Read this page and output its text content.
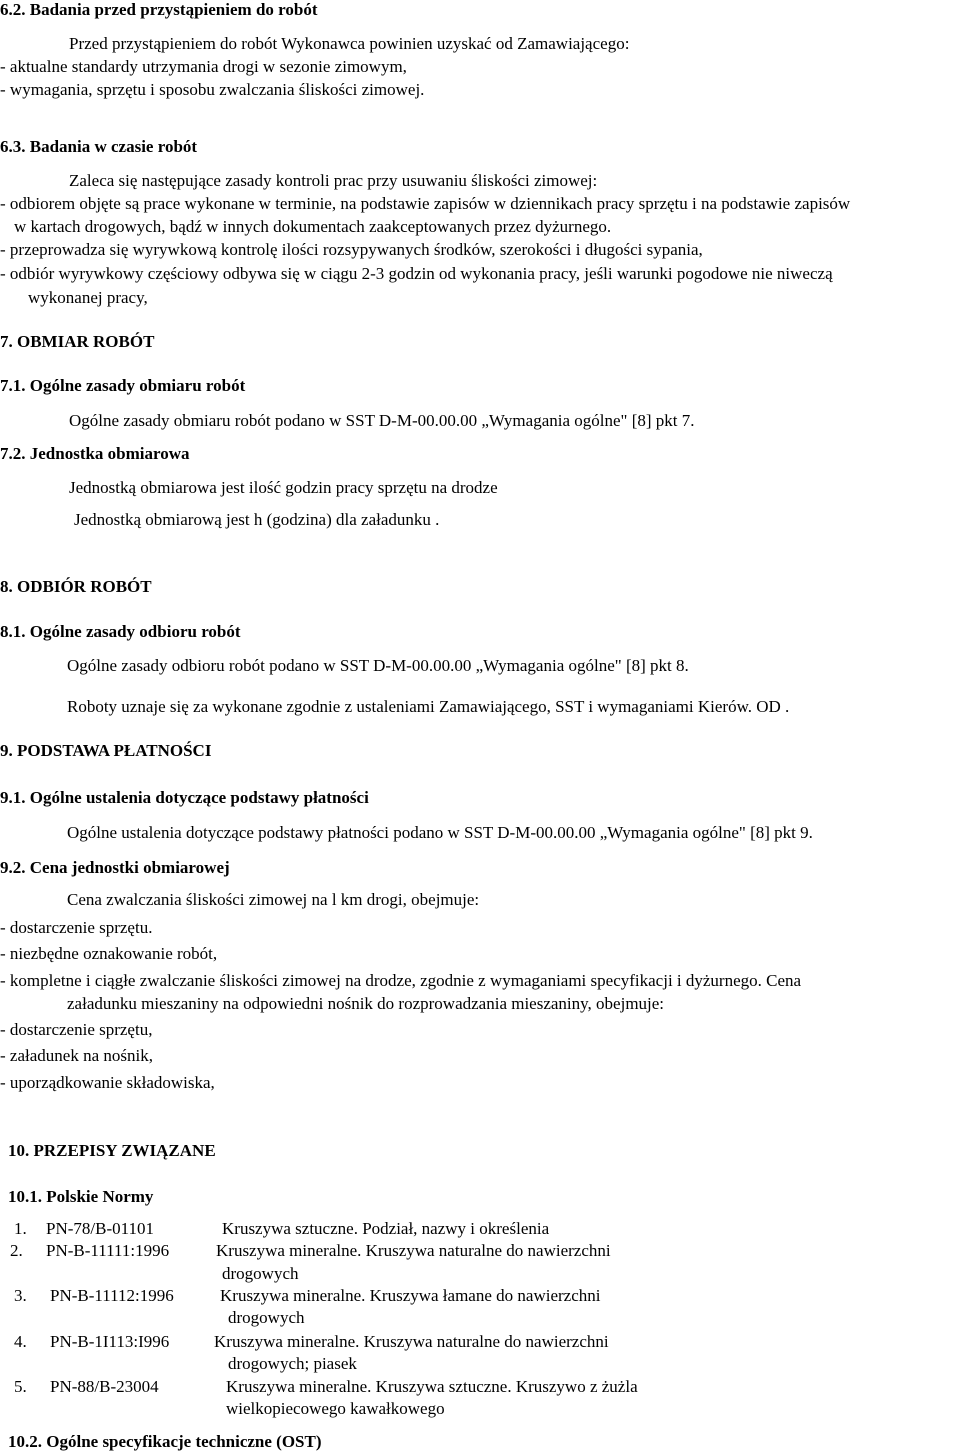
6.2. Badania przed przystąpieniem do robót
Przed przystąpieniem do robót Wykonawca powinien uzyskać od Zamawiającego:
- aktualne standardy utrzymania drogi w sezonie zimowym,
- wymagania, sprzętu i sposobu zwalczania śliskości zimowej.
6.3. Badania w czasie robót
Zaleca się następujące zasady kontroli prac przy usuwaniu śliskości zimowej:
- odbiorem objęte są prace wykonane w terminie, na podstawie zapisów w dziennikach pracy sprzętu i na podstawie zapisów
w kartach drogowych, bądź w innych dokumentach zaakceptowanych przez dyżurnego.
- przeprowadza się wyrywkową kontrolę ilości rozsypywanych środków, szerokości i długości sypania,
- odbiór wyrywkowy częściowy odbywa się w ciągu 2-3 godzin od wykonania pracy, jeśli warunki pogodowe nie niweczą
wykonanej pracy,
7. OBMIAR ROBÓT
7.1. Ogólne zasady obmiaru robót
Ogólne zasady obmiaru robót podano w SST D-M-00.00.00 „Wymagania ogólne" [8] pkt 7.
7.2. Jednostka obmiarowa
Jednostką obmiarowa jest ilość godzin pracy sprzętu na drodze
Jednostką obmiarową jest h (godzina) dla załadunku .
8. ODBIÓR ROBÓT
8.1. Ogólne zasady odbioru robót
Ogólne zasady odbioru robót podano w SST D-M-00.00.00 „Wymagania ogólne" [8] pkt 8.
Roboty uznaje się za wykonane zgodnie z ustaleniami Zamawiającego, SST i wymaganiami Kierów. OD .
9. PODSTAWA PŁATNOŚCI
9.1. Ogólne ustalenia dotyczące podstawy płatności
Ogólne ustalenia dotyczące podstawy płatności podano w SST D-M-00.00.00 „Wymagania ogólne" [8] pkt 9.
9.2. Cena jednostki obmiarowej
Cena zwalczania śliskości zimowej na l km drogi, obejmuje:
- dostarczenie sprzętu.
- niezbędne oznakowanie robót,
- kompletne i ciągłe zwalczanie śliskości zimowej na drodze, zgodnie z wymaganiami specyfikacji i dyżurnego. Cena
załadunku mieszaniny na odpowiedni nośnik do rozprowadzania mieszaniny, obejmuje:
- dostarczenie sprzętu,
- załadunek na nośnik,
- uporządkowanie składowiska,
10. PRZEPISY ZWIĄZANE
10.1. Polskie Normy
1. PN-78/B-01101	Kruszywa sztuczne. Podział, nazwy i określenia
2. PN-B-11111:1996	Kruszywa mineralne. Kruszywa naturalne do nawierzchni
drogowych
3. PN-B-11112:1996	Kruszywa mineralne. Kruszywa łamane do nawierzchni
drogowych
4. PN-B-1I113:I996	Kruszywa mineralne. Kruszywa naturalne do nawierzchni
drogowych; piasek
5. PN-88/B-23004	Kruszywa mineralne. Kruszywa sztuczne. Kruszywo z żużla
wielkopiecowego kawałkowego
10.2. Ogólne specyfikacje techniczne (OST)
